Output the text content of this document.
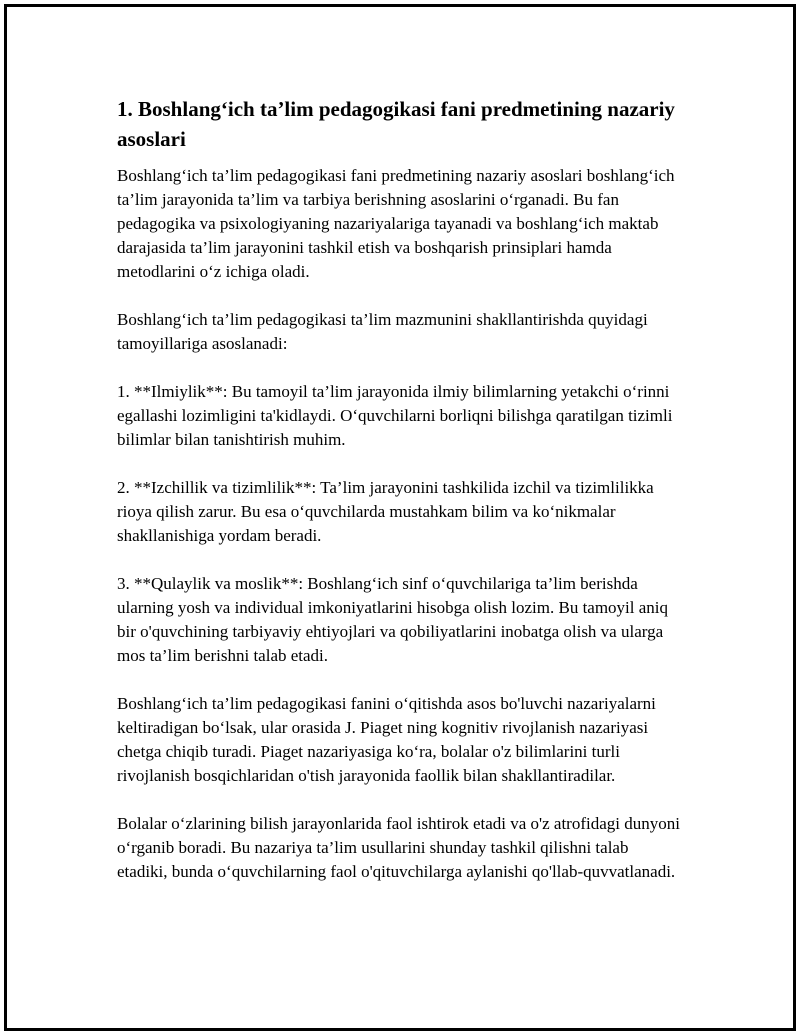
1. Boshlang‘ich ta’lim pedagogikasi fani predmetining nazariy asoslari

Boshlang‘ich ta’lim pedagogikasi fani predmetining nazariy asoslari boshlang‘ich ta’lim jarayonida ta’lim va tarbiya berishning asoslarini o‘rganadi. Bu fan pedagogika va psixologiyaning nazariyalariga tayanadi va boshlang‘ich maktab darajasida ta’lim jarayonini tashkil etish va boshqarish prinsiplari hamda metodlarini o‘z ichiga oladi.

Boshlang‘ich ta’lim pedagogikasi ta’lim mazmunini shakllantirishda quyidagi tamoyillariga asoslanadi:

1. **Ilmiylik**: Bu tamoyil ta’lim jarayonida ilmiy bilimlarning yetakchi o‘rinni egallashi lozimligini ta'kidlaydi. O‘quvchilarni borliqni bilishga qaratilgan tizimli bilimlar bilan tanishtirish muhim.

2. **Izchillik va tizimlilik**: Ta’lim jarayonini tashkilida izchil va tizimlilikka rioya qilish zarur. Bu esa o‘quvchilarda mustahkam bilim va ko‘nikmalar shakllanishiga yordam beradi.

3. **Qulaylik va moslik**: Boshlang‘ich sinf o‘quvchilariga ta’lim berishda ularning yosh va individual imkoniyatlarini hisobga olish lozim. Bu tamoyil aniq bir o'quvchining tarbiyaviy ehtiyojlari va qobiliyatlarini inobatga olish va ularga mos ta’lim berishni talab etadi.

Boshlang‘ich ta’lim pedagogikasi fanini o‘qitishda asos bo'luvchi nazariyalarni keltiradigan bo‘lsak, ular orasida J. Piaget ning kognitiv rivojlanish nazariyasi chetga chiqib turadi. Piaget nazariyasiga ko‘ra, bolalar o'z bilimlarini turli rivojlanish bosqichlaridan o'tish jarayonida faollik bilan shakllantiradilar.

Bolalar o‘zlarining bilish jarayonlarida faol ishtirok etadi va o'z atrofidagi dunyoni o‘rganib boradi. Bu nazariya ta’lim usullarini shunday tashkil qilishni talab etadiki, bunda o‘quvchilarning faol o'qituvchilarga aylanishi qo'llab-quvvatlanadi.
